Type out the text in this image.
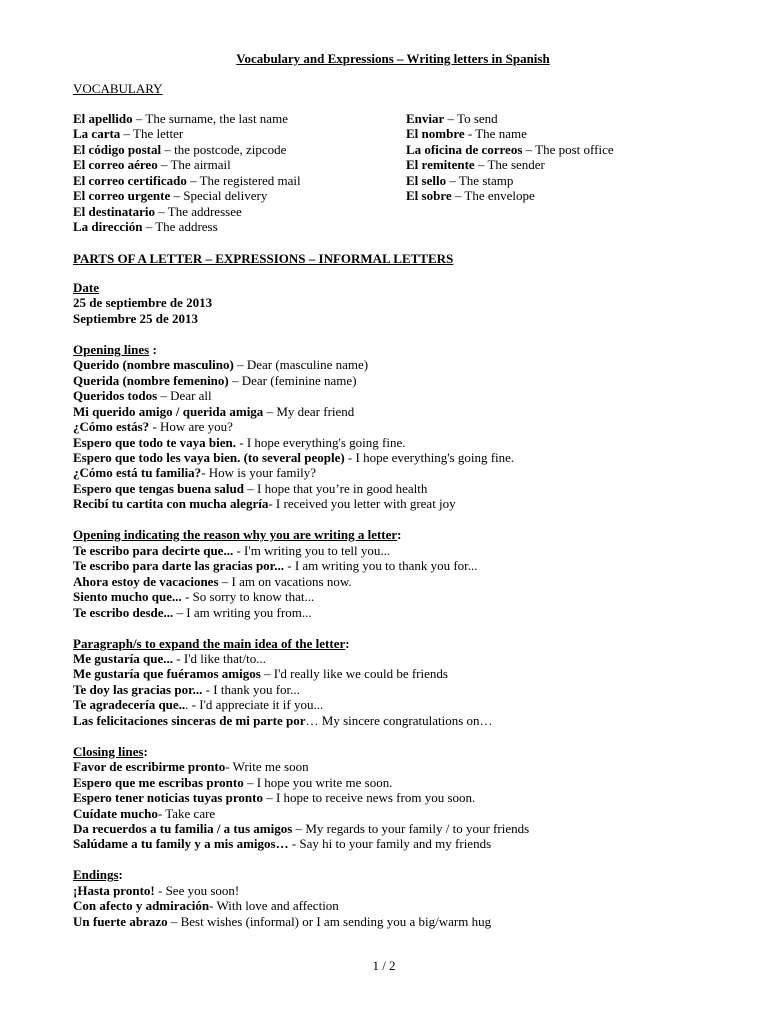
Vocabulary and Expressions – Writing letters in Spanish
VOCABULARY
El apellido – The surname, the last name
La carta – The letter
El código postal – the postcode, zipcode
El correo aéreo – The airmail
El correo certificado – The registered mail
El correo urgente – Special delivery
El destinatario – The addressee
La dirección – The address
Enviar – To send
El nombre - The name
La oficina de correos – The post office
El remitente – The sender
El sello – The stamp
El sobre – The envelope
PARTS OF A LETTER – EXPRESSIONS – INFORMAL LETTERS
Date
25 de septiembre de 2013
Septiembre 25 de 2013
Opening lines :
Querido (nombre masculino) – Dear (masculine name)
Querida (nombre femenino) – Dear (feminine name)
Queridos todos – Dear all
Mi querido amigo / querida amiga – My dear friend
¿Cómo estás? - How are you?
Espero que todo te vaya bien. - I hope everything's going fine.
Espero que todo les vaya bien. (to several people) - I hope everything's going fine.
¿Cómo está tu familia?- How is your family?
Espero que tengas buena salud – I hope that you’re in good health
Recibí tu cartita con mucha alegría- I received you letter with great joy
Opening indicating the reason why you are writing a letter:
Te escribo para decirte que... - I'm writing you to tell you...
Te escribo para darte las gracias por... - I am writing you to thank you for...
Ahora estoy de vacaciones – I am on vacations now.
Siento mucho que... - So sorry to know that...
Te escribo desde... – I am writing you from...
Paragraph/s to expand the main idea of the letter:
Me gustaría que... - I'd like that/to...
Me gustaría que fuéramos amigos – I'd really like we could be friends
Te doy las gracias por... - I thank you for...
Te agradecería que... - I'd appreciate it if you...
Las felicitaciones sinceras de mi parte por… My sincere congratulations on…
Closing lines:
Favor de escribirme pronto- Write me soon
Espero que me escribas pronto – I hope you write me soon.
Espero tener noticias tuyas pronto – I hope to receive news from you soon.
Cuídate mucho- Take care
Da recuerdos a tu familia / a tus amigos – My regards to your family / to your friends
Salúdame a tu family y a mis amigos… - Say hi to your family and my friends
Endings:
¡Hasta pronto! - See you soon!
Con afecto y admiración- With love and affection
Un fuerte abrazo – Best wishes (informal) or I am sending you a big/warm hug
1 / 2
